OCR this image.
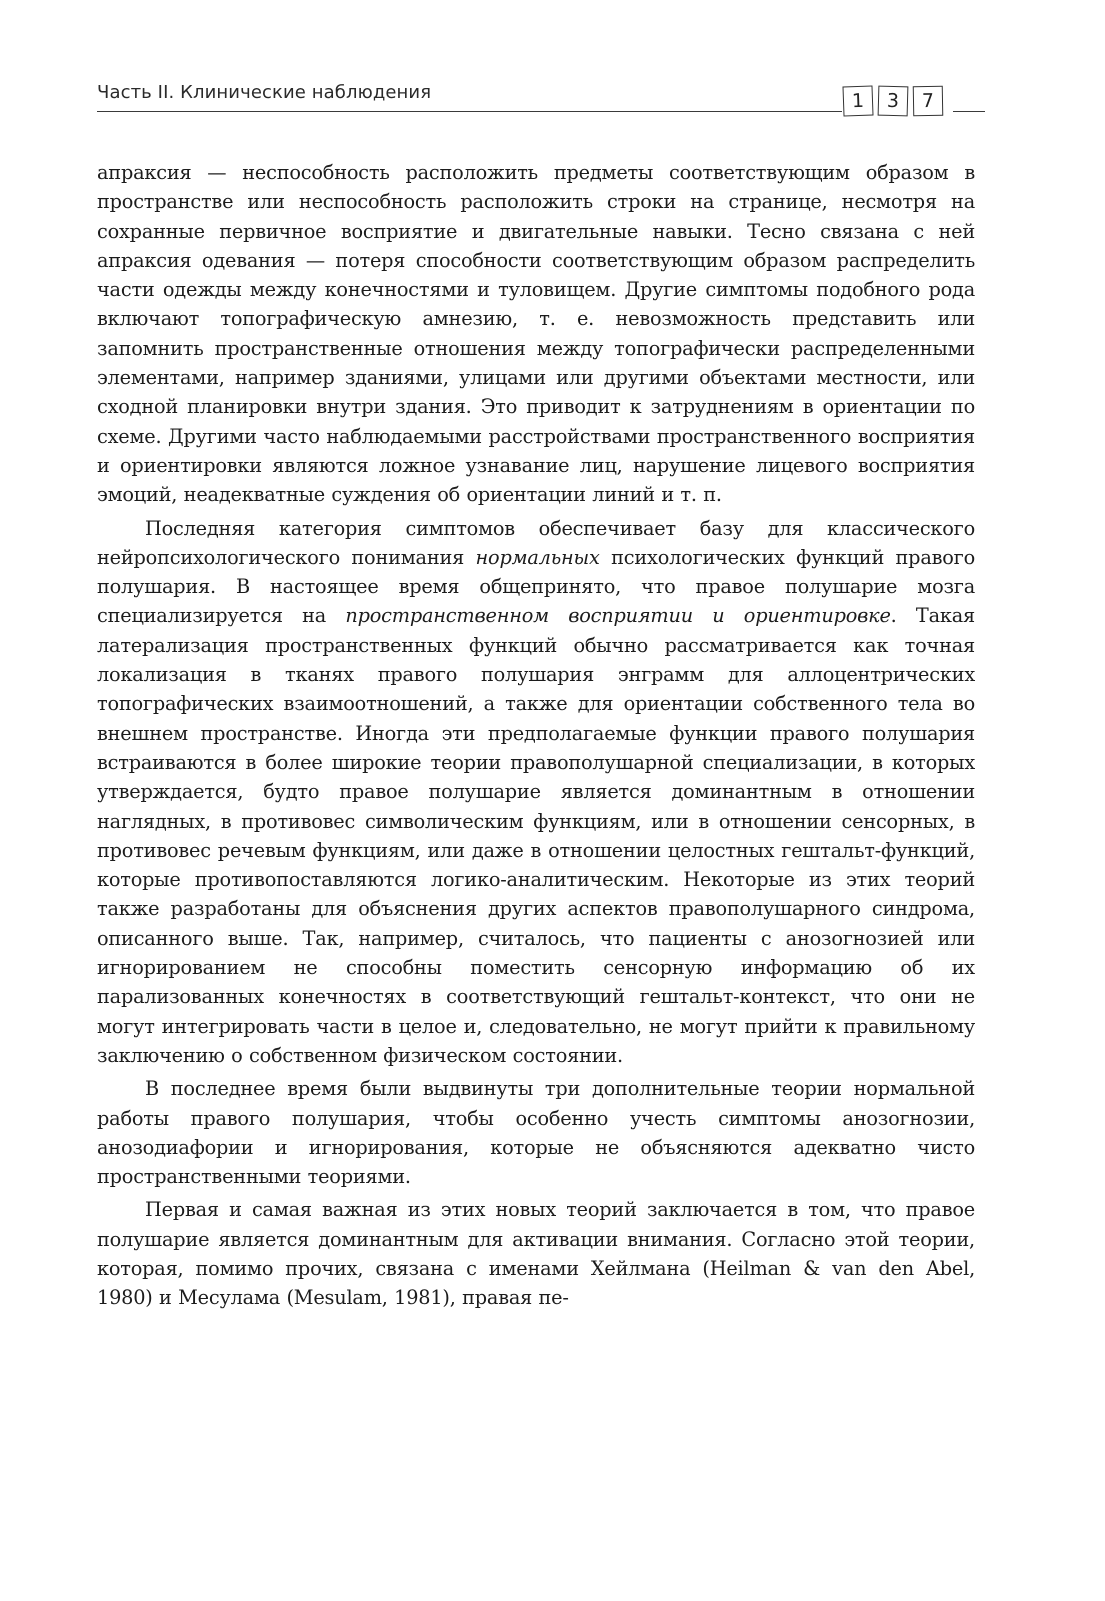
Часть II. Клинические наблюдения	1	3	7

апраксия — неспособность расположить предметы соответствующим образом в пространстве или неспособность расположить строки на странице, несмотря на сохранные первичное восприятие и двигательные навыки. Тесно связана с ней апраксия одевания — потеря способности соответствующим образом распределить части одежды между конечностями и туловищем. Другие симптомы подобного рода включают топографическую амнезию, т. е. невозможность представить или запомнить пространственные отношения между топографически распределенными элементами, например зданиями, улицами или другими объектами местности, или сходной планировки внутри здания. Это приводит к затруднениям в ориентации по схеме. Другими часто наблюдаемыми расстройствами пространственного восприятия и ориентировки являются ложное узнавание лиц, нарушение лицевого восприятия эмоций, неадекватные суждения об ориентации линий и т. п.

Последняя категория симптомов обеспечивает базу для классического нейропсихологического понимания нормальных психологических функций правого полушария. В настоящее время общепринято, что правое полушарие мозга специализируется на пространственном восприятии и ориентировке. Такая латерализация пространственных функций обычно рассматривается как точная локализация в тканях правого полушария энграмм для аллоцентрических топографических взаимоотношений, а также для ориентации собственного тела во внешнем пространстве. Иногда эти предполагаемые функции правого полушария встраиваются в более широкие теории правополушарной специализации, в которых утверждается, будто правое полушарие является доминантным в отношении наглядных, в противовес символическим функциям, или в отношении сенсорных, в противовес речевым функциям, или даже в отношении целостных гештальт-функций, которые противопоставляются логико-аналитическим. Некоторые из этих теорий также разработаны для объяснения других аспектов правополушарного синдрома, описанного выше. Так, например, считалось, что пациенты с анозогнозией или игнорированием не способны поместить сенсорную информацию об их парализованных конечностях в соответствующий гештальт-контекст, что они не могут интегрировать части в целое и, следовательно, не могут прийти к правильному заключению о собственном физическом состоянии.

В последнее время были выдвинуты три дополнительные теории нормальной работы правого полушария, чтобы особенно учесть симптомы анозогнозии, анозодиафории и игнорирования, которые не объясняются адекватно чисто пространственными теориями.

Первая и самая важная из этих новых теорий заключается в том, что правое полушарие является доминантным для активации внимания. Согласно этой теории, которая, помимо прочих, связана с именами Хейлмана (Heilman & van den Abel, 1980) и Месулама (Mesulam, 1981), правая пе-
